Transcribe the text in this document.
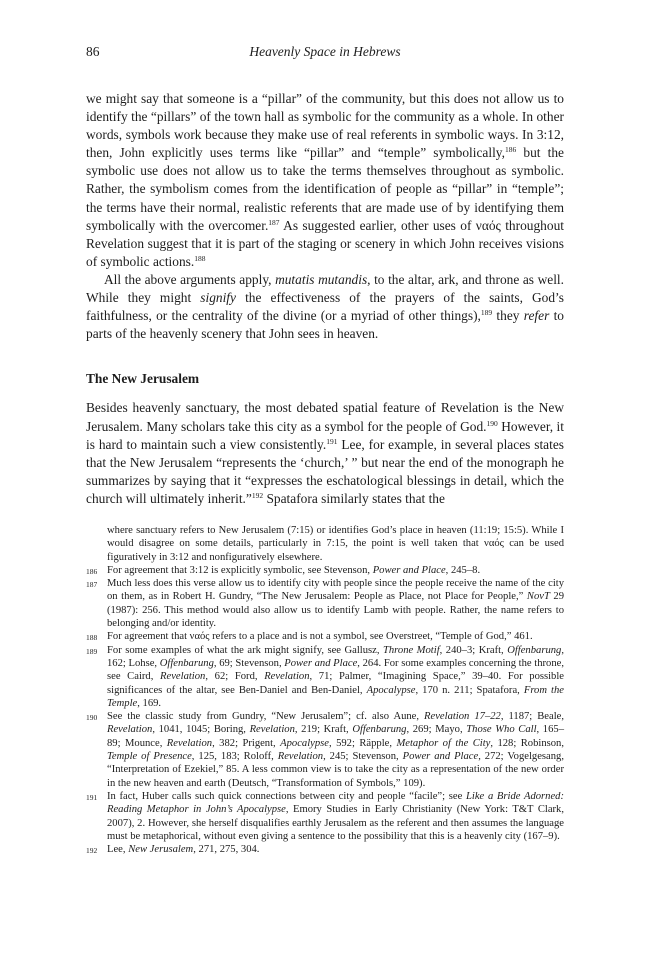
86	Heavenly Space in Hebrews

we might say that someone is a “pillar” of the community, but this does not allow us to identify the “pillars” of the town hall as symbolic for the community as a whole. In other words, symbols work because they make use of real referents in symbolic ways. In 3:12, then, John explicitly uses terms like “pillar” and “temple” symbolically,$^{186}$ but the symbolic use does not allow us to take the terms themselves throughout as symbolic. Rather, the symbolism comes from the identification of people as “pillar” in “temple”; the terms have their normal, realistic referents that are made use of by identifying them symbolically with the overcomer.$^{187}$ As suggested earlier, other uses of ναός throughout Revelation suggest that it is part of the staging or scenery in which John receives visions of symbolic actions.$^{188}$

All the above arguments apply, mutatis mutandis, to the altar, ark, and throne as well. While they might signify the effectiveness of the prayers of the saints, God’s faithfulness, or the centrality of the divine (or a myriad of other things),$^{189}$ they refer to parts of the heavenly scenery that John sees in heaven.

The New Jerusalem

Besides heavenly sanctuary, the most debated spatial feature of Revelation is the New Jerusalem. Many scholars take this city as a symbol for the people of God.$^{190}$ However, it is hard to maintain such a view consistently.$^{191}$ Lee, for example, in several places states that the New Jerusalem “represents the ‘church,’ ” but near the end of the monograph he summarizes by saying that it “expresses the eschatological blessings in detail, which the church will ultimately inherit.”$^{192}$ Spatafora similarly states that the

where sanctuary refers to New Jerusalem (7:15) or identifies God’s place in heaven (11:19; 15:5). While I would disagree on some details, particularly in 7:15, the point is well taken that ναός can be used figuratively in 3:12 and nonfiguratively elsewhere.

186 For agreement that 3:12 is explicitly symbolic, see Stevenson, Power and Place, 245–8.

187 Much less does this verse allow us to identify city with people since the people receive the name of the city on them, as in Robert H. Gundry, “The New Jerusalem: People as Place, not Place for People,” NovT 29 (1987): 256. This method would also allow us to identify Lamb with people. Rather, the name refers to belonging and/or identity.

188 For agreement that ναός refers to a place and is not a symbol, see Overstreet, “Temple of God,” 461.

189 For some examples of what the ark might signify, see Gallusz, Throne Motif, 240–3; Kraft, Offenbarung, 162; Lohse, Offenbarung, 69; Stevenson, Power and Place, 264. For some examples concerning the throne, see Caird, Revelation, 62; Ford, Revelation, 71; Palmer, “Imagining Space,” 39–40. For possible significances of the altar, see Ben-Daniel and Ben-Daniel, Apocalypse, 170 n. 211; Spatafora, From the Temple, 169.

190 See the classic study from Gundry, “New Jerusalem”; cf. also Aune, Revelation 17–22, 1187; Beale, Revelation, 1041, 1045; Boring, Revelation, 219; Kraft, Offenbarung, 269; Mayo, Those Who Call, 165–89; Mounce, Revelation, 382; Prigent, Apocalypse, 592; Räpple, Metaphor of the City, 128; Robinson, Temple of Presence, 125, 183; Roloff, Revelation, 245; Stevenson, Power and Place, 272; Vogelgesang, “Interpretation of Ezekiel,” 85. A less common view is to take the city as a representation of the new order in the new heaven and earth (Deutsch, “Transformation of Symbols,” 109).

191 In fact, Huber calls such quick connections between city and people “facile”; see Like a Bride Adorned: Reading Metaphor in John’s Apocalypse, Emory Studies in Early Christianity (New York: T&T Clark, 2007), 2. However, she herself disqualifies earthly Jerusalem as the referent and then assumes the language must be metaphorical, without even giving a sentence to the possibility that this is a heavenly city (167–9).

192 Lee, New Jerusalem, 271, 275, 304.
